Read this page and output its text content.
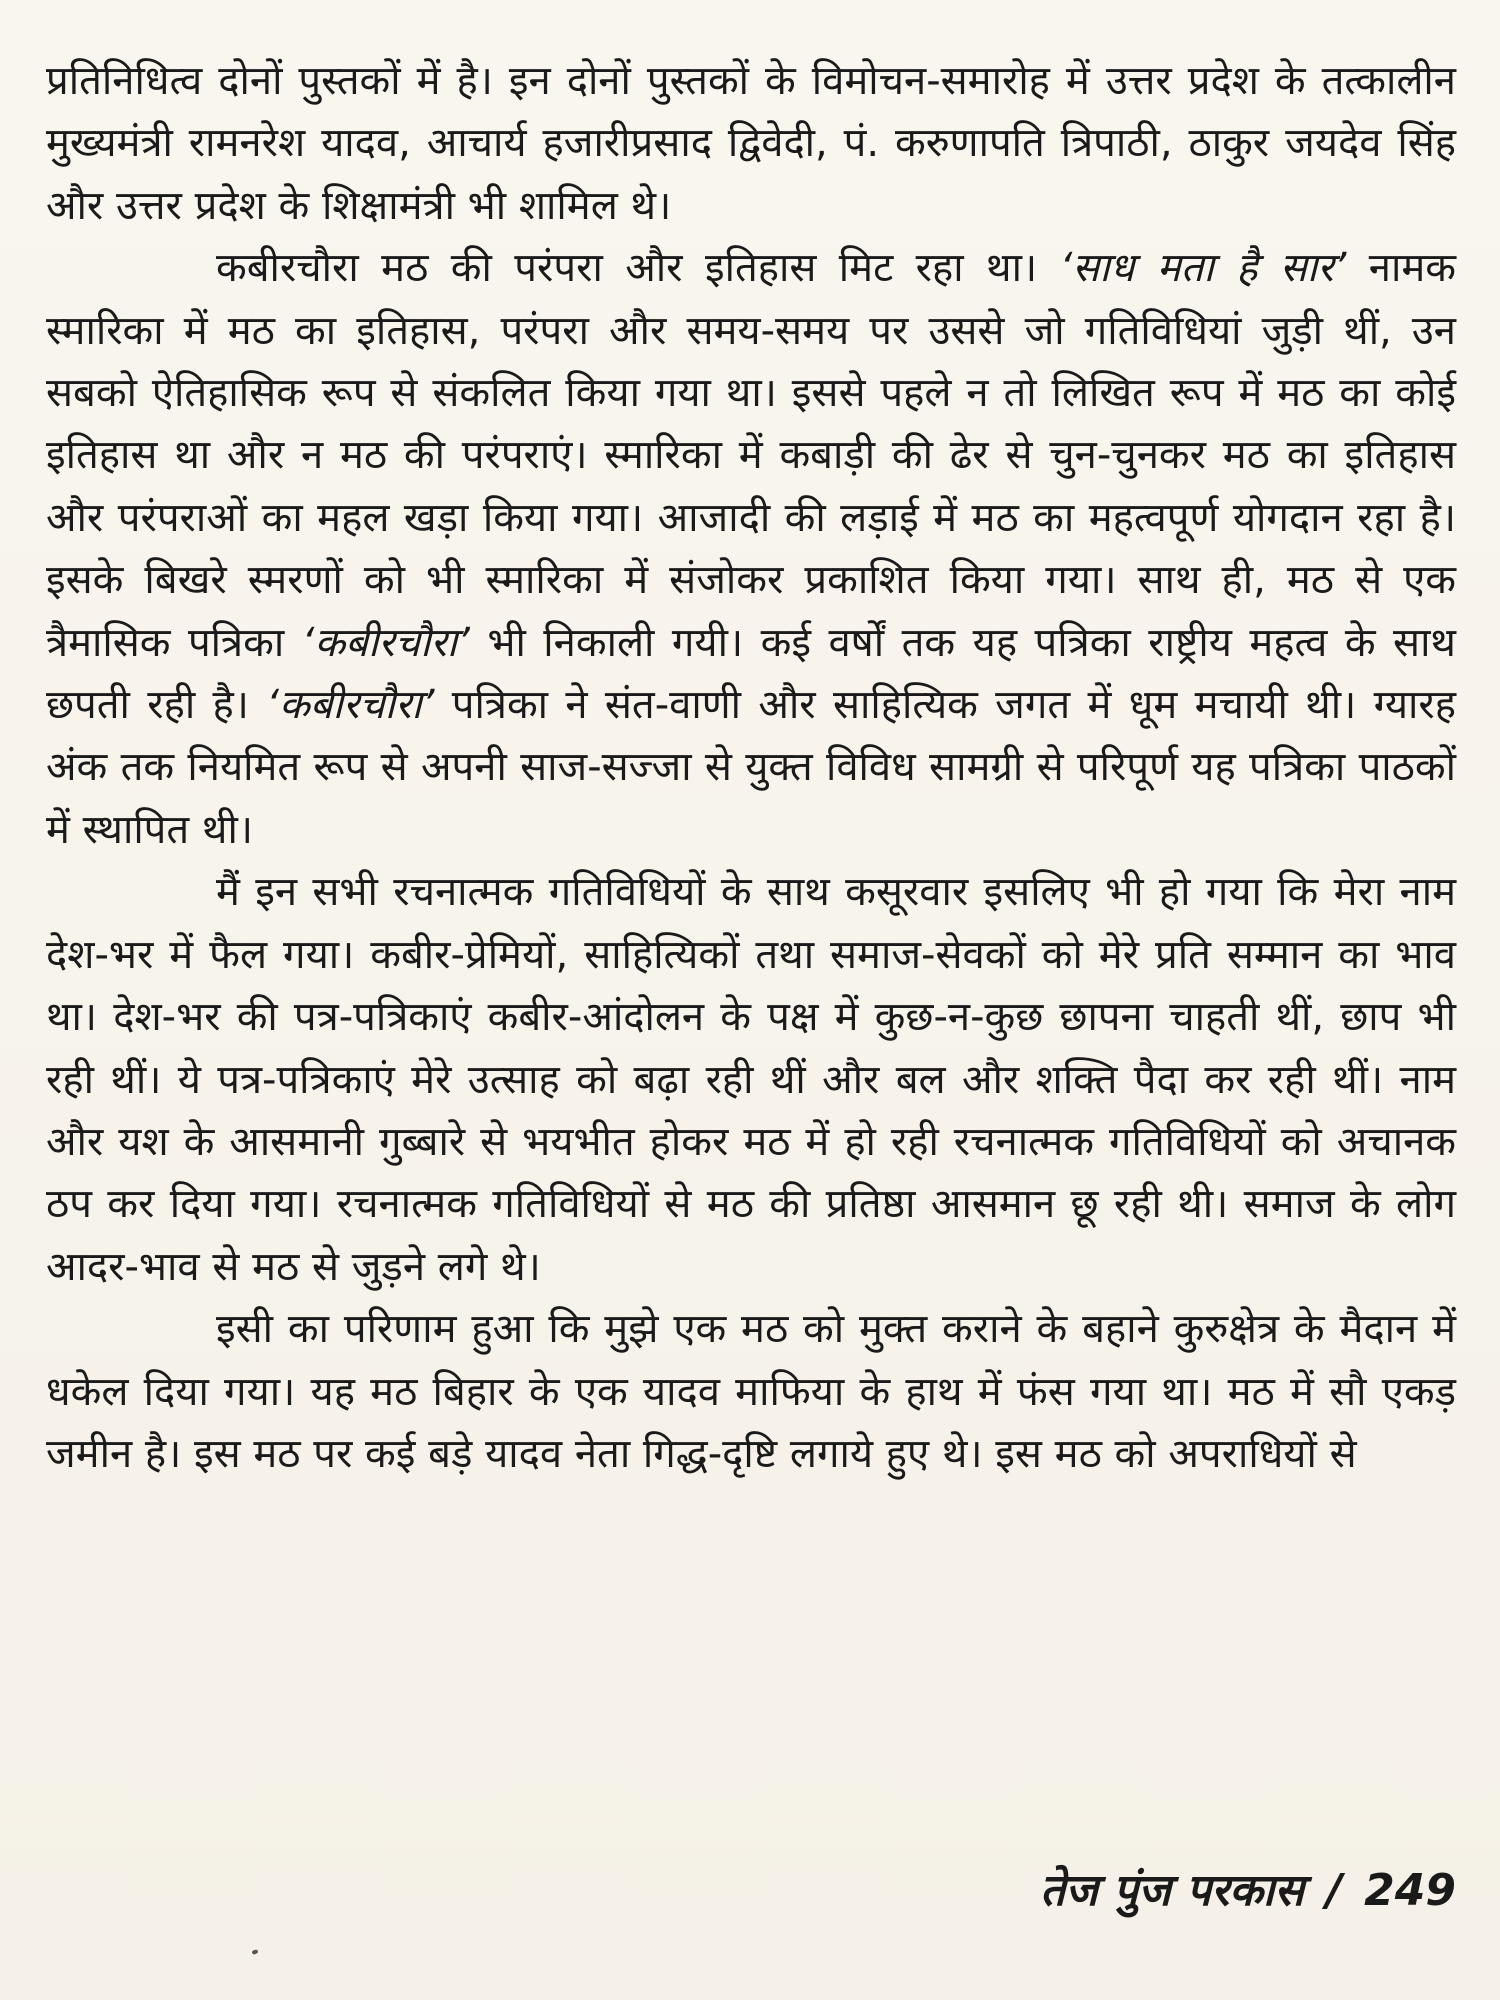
प्रतिनिधित्व दोनों पुस्तकों में है। इन दोनों पुस्तकों के विमोचन-समारोह में उत्तर प्रदेश के तत्कालीन मुख्यमंत्री रामनरेश यादव, आचार्य हजारीप्रसाद द्विवेदी, पं. करुणापति त्रिपाठी, ठाकुर जयदेव सिंह और उत्तर प्रदेश के शिक्षामंत्री भी शामिल थे।

कबीरचौरा मठ की परंपरा और इतिहास मिट रहा था। ‘साध मता है सार’ नामक स्मारिका में मठ का इतिहास, परंपरा और समय-समय पर उससे जो गतिविधियां जुड़ी थीं, उन सबको ऐतिहासिक रूप से संकलित किया गया था। इससे पहले न तो लिखित रूप में मठ का कोई इतिहास था और न मठ की परंपराएं। स्मारिका में कबाड़ी की ढेर से चुन-चुनकर मठ का इतिहास और परंपराओं का महल खड़ा किया गया। आजादी की लड़ाई में मठ का महत्वपूर्ण योगदान रहा है। इसके बिखरे स्मरणों को भी स्मारिका में संजोकर प्रकाशित किया गया। साथ ही, मठ से एक त्रैमासिक पत्रिका ‘कबीरचौरा’ भी निकाली गयी। कई वर्षों तक यह पत्रिका राष्ट्रीय महत्व के साथ छपती रही है। ‘कबीरचौरा’ पत्रिका ने संत-वाणी और साहित्यिक जगत में धूम मचायी थी। ग्यारह अंक तक नियमित रूप से अपनी साज-सज्जा से युक्त विविध सामग्री से परिपूर्ण यह पत्रिका पाठकों में स्थापित थी।

मैं इन सभी रचनात्मक गतिविधियों के साथ कसूरवार इसलिए भी हो गया कि मेरा नाम देश-भर में फैल गया। कबीर-प्रेमियों, साहित्यिकों तथा समाज-सेवकों को मेरे प्रति सम्मान का भाव था। देश-भर की पत्र-पत्रिकाएं कबीर-आंदोलन के पक्ष में कुछ-न-कुछ छापना चाहती थीं, छाप भी रही थीं। ये पत्र-पत्रिकाएं मेरे उत्साह को बढ़ा रही थीं और बल और शक्ति पैदा कर रही थीं। नाम और यश के आसमानी गुब्बारे से भयभीत होकर मठ में हो रही रचनात्मक गतिविधियों को अचानक ठप कर दिया गया। रचनात्मक गतिविधियों से मठ की प्रतिष्ठा आसमान छू रही थी। समाज के लोग आदर-भाव से मठ से जुड़ने लगे थे।

इसी का परिणाम हुआ कि मुझे एक मठ को मुक्त कराने के बहाने कुरुक्षेत्र के मैदान में धकेल दिया गया। यह मठ बिहार के एक यादव माफिया के हाथ में फंस गया था। मठ में सौ एकड़ जमीन है। इस मठ पर कई बड़े यादव नेता गिद्ध-दृष्टि लगाये हुए थे। इस मठ को अपराधियों से

तेज पुंज परकास / 249
